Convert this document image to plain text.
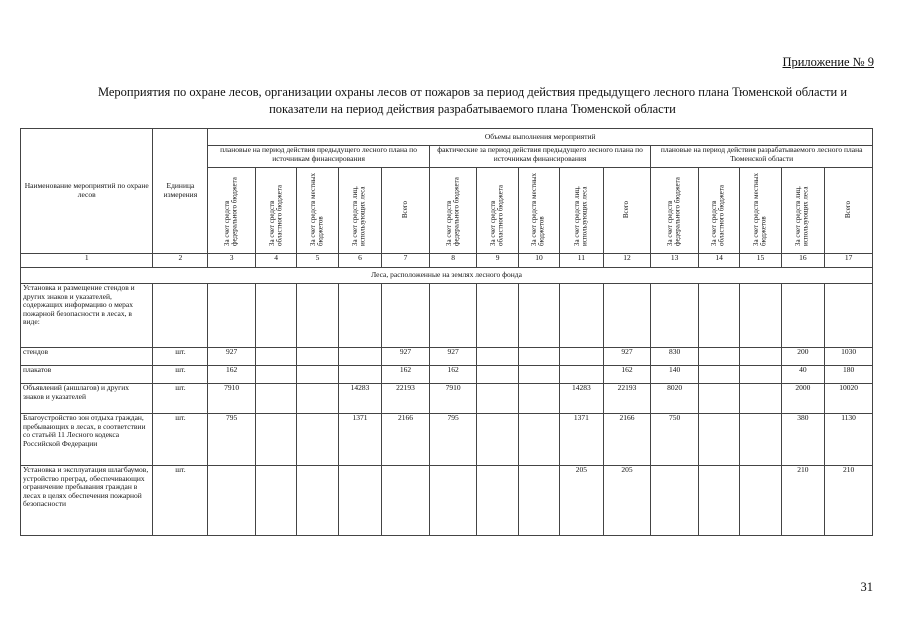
Приложение № 9
Мероприятия по охране лесов, организации охраны лесов от пожаров за период действия предыдущего лесного плана Тюменской области и
показатели на период действия разрабатываемого плана Тюменской области
Наименование мероприятий по охране лесов	Единица измерения	Объемы выполнения мероприятий														
		плановые на период действия предыдущего лесного плана по источникам финансирования					фактические за период действия предыдущего лесного плана по источникам финансирования					плановые на период действия разрабатываемого лесного плана Тюменской области				
		За счет средств федерального бюджета	За счет средств областного бюджета	За счет средств местных бюджетов	За счет средств лиц, использующих леса	Всего	За счет средств федерального бюджета	За счет средств областного бюджета	За счет средств местных бюджетов	За счет средств лиц, использующих леса	Всего	За счет средств федерального бюджета	За счет средств областного бюджета	За счет средств местных бюджетов	За счет средств лиц, использующих леса	Всего
1	2	3	4	5	6	7	8	9	10	11	12	13	14	15	16	17
Леса, расположенные на землях лесного фонда																
Установка и размещение стендов и других знаков и указателей, содержащих информацию о мерах пожарной безопасности в лесах, в виде:																
стендов	шт.	927				927	927				927	830			200	1030
плакатов	шт.	162				162	162				162	140			40	180
Объявлений (аншлагов) и других знаков и указателей	шт.	7910			14283	22193	7910			14283	22193	8020			2000	10020
Благоустройство зон отдыха граждан, пребывающих в лесах, в соответствии со статьёй 11 Лесного кодекса Российской Федерации	шт.	795			1371	2166	795			1371	2166	750			380	1130
Установка и эксплуатация шлагбаумов, устройство преград, обеспечивающих ограничение пребывания граждан в лесах в целях обеспечения пожарной безопасности	шт.									205	205				210	210
31
